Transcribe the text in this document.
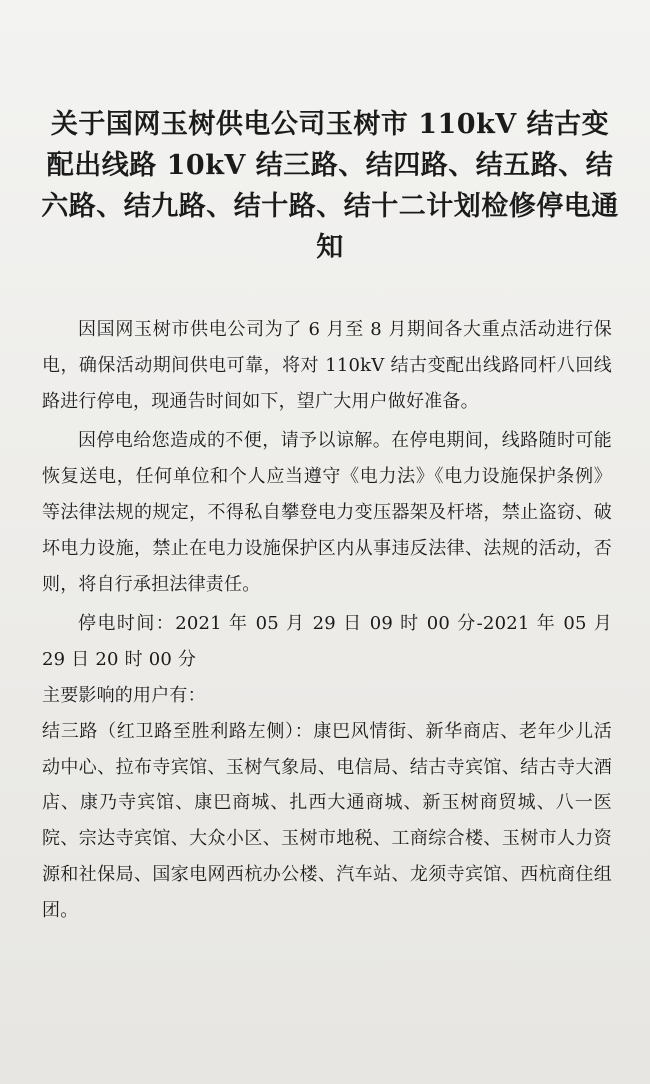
关于国网玉树供电公司玉树市 110kV 结古变配出线路 10kV 结三路、结四路、结五路、结六路、结九路、结十路、结十二计划检修停电通知

因国网玉树市供电公司为了 6 月至 8 月期间各大重点活动进行保电，确保活动期间供电可靠，将对 110kV 结古变配出线路同杆八回线路进行停电，现通告时间如下，望广大用户做好准备。

因停电给您造成的不便，请予以谅解。在停电期间，线路随时可能恢复送电，任何单位和个人应当遵守《电力法》《电力设施保护条例》等法律法规的规定，不得私自攀登电力变压器架及杆塔，禁止盗窃、破坏电力设施，禁止在电力设施保护区内从事违反法律、法规的活动，否则，将自行承担法律责任。

停电时间：2021 年 05 月 29 日 09 时 00 分-2021 年 05 月 29 日 20 时 00 分

主要影响的用户有：

结三路（红卫路至胜利路左侧）：康巴风情街、新华商店、老年少儿活动中心、拉布寺宾馆、玉树气象局、电信局、结古寺宾馆、结古寺大酒店、康乃寺宾馆、康巴商城、扎西大通商城、新玉树商贸城、八一医院、宗达寺宾馆、大众小区、玉树市地税、工商综合楼、玉树市人力资源和社保局、国家电网西杭办公楼、汽车站、龙须寺宾馆、西杭商住组团。
